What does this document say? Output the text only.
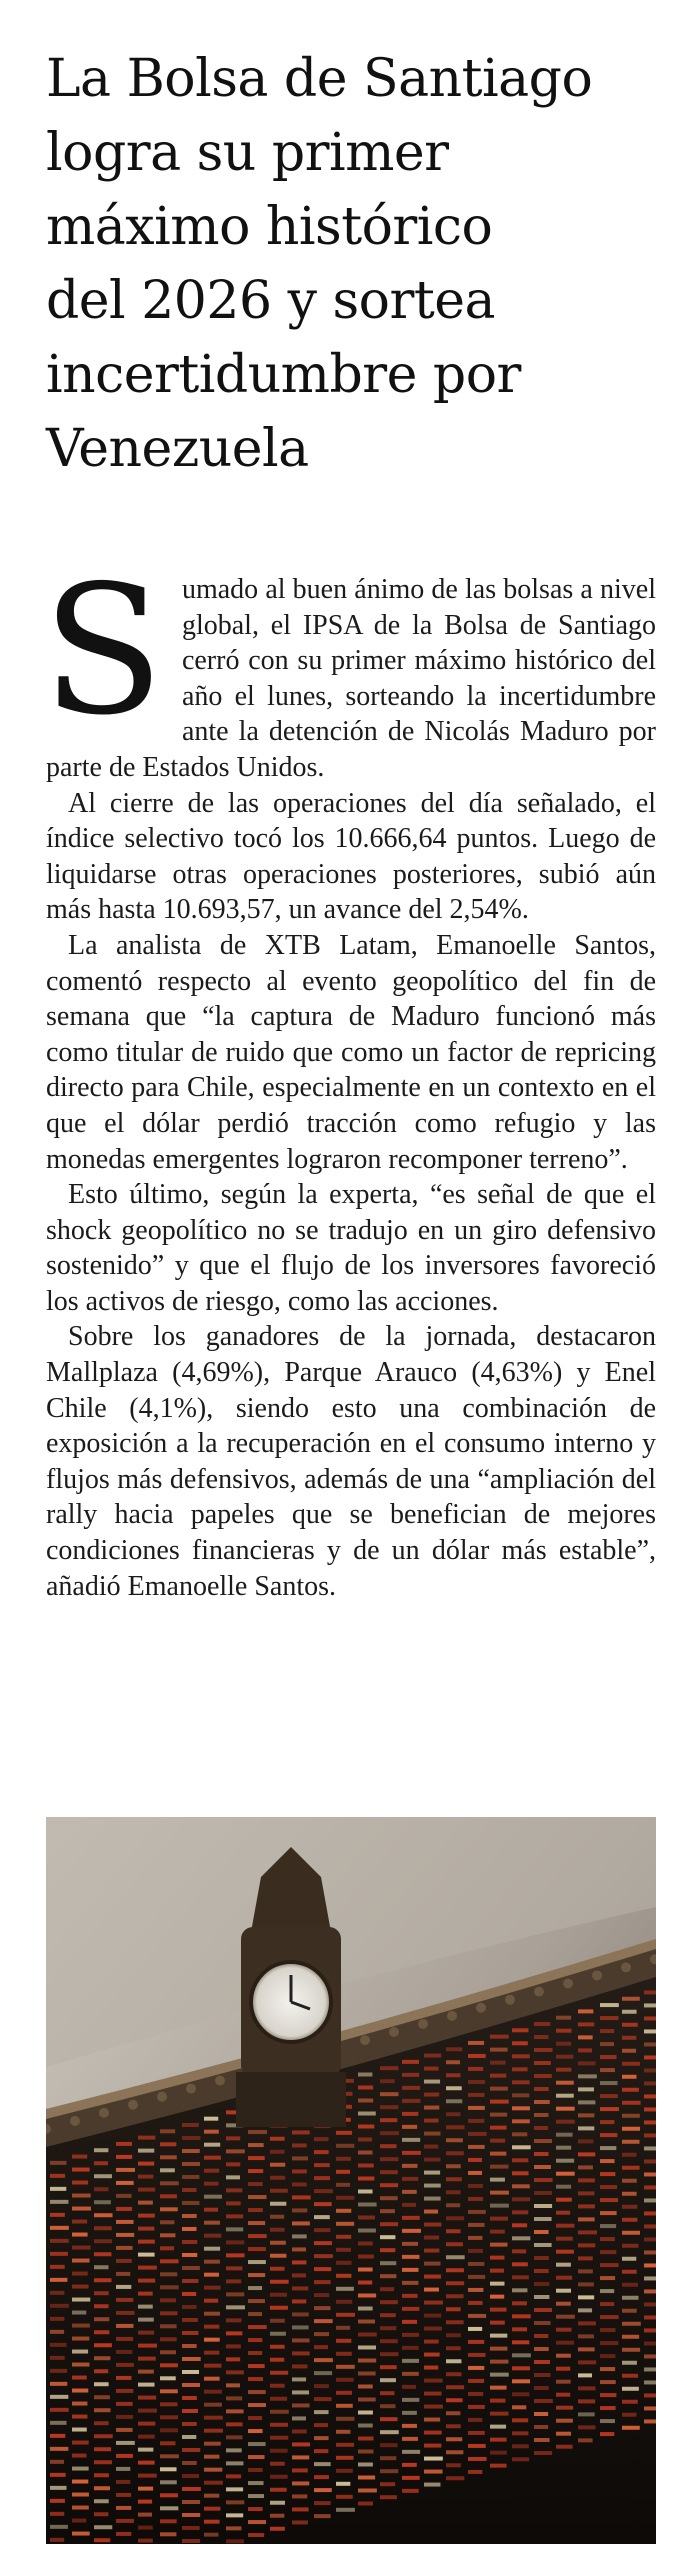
La Bolsa de Santiago
logra su primer
máximo histórico
del 2026 y sortea
incertidumbre por
Venezuela

Sumado al buen ánimo de las bolsas a nivel global, el IPSA de la Bolsa de Santiago cerró con su primer máximo histórico del año el lunes, sorteando la incertidumbre ante la detención de Nicolás Maduro por parte de Estados Unidos.

Al cierre de las operaciones del día señalado, el índice selectivo tocó los 10.666,64 puntos. Luego de liquidarse otras operaciones posteriores, subió aún más hasta 10.693,57, un avance del 2,54%.

La analista de XTB Latam, Emanoelle Santos, comentó respecto al evento geopolítico del fin de semana que “la captura de Maduro funcionó más como titular de ruido que como un factor de repricing directo para Chile, especialmente en un contexto en el que el dólar perdió tracción como refugio y las monedas emergentes lograron recomponer terreno”.

Esto último, según la experta, “es señal de que el shock geopolítico no se tradujo en un giro defensivo sostenido” y que el flujo de los inversores favoreció los activos de riesgo, como las acciones.

Sobre los ganadores de la jornada, destacaron Mallplaza (4,69%), Parque Arauco (4,63%) y Enel Chile (4,1%), siendo esto una combinación de exposición a la recuperación en el consumo interno y flujos más defensivos, además de una “ampliación del rally hacia papeles que se benefician de mejores condiciones financieras y de un dólar más estable”, añadió Emanoelle Santos.
